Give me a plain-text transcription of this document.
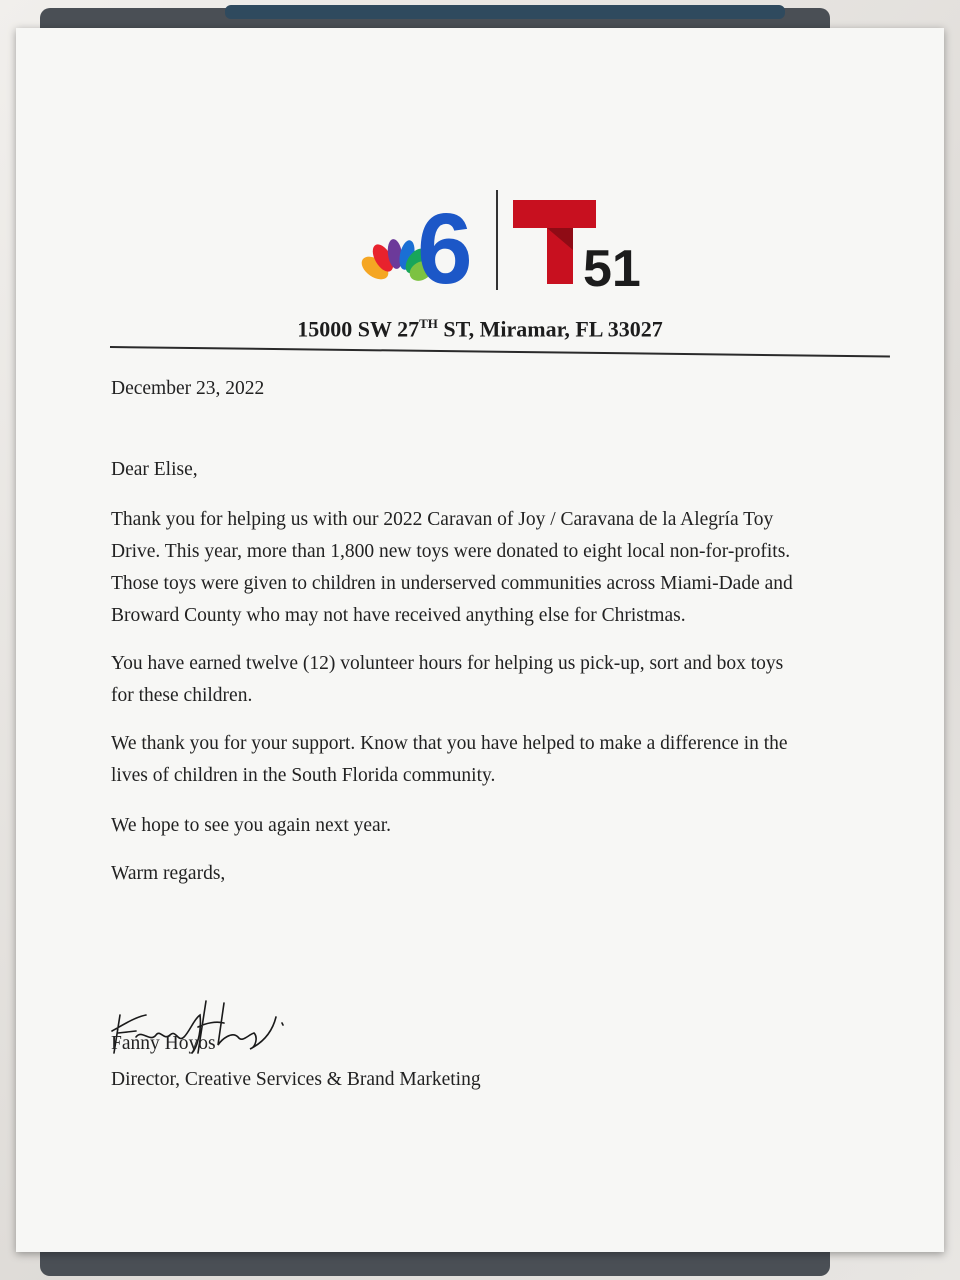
6 51
15000 SW 27TH ST, Miramar, FL 33027
December 23, 2022
Dear Elise,
Thank you for helping us with our 2022 Caravan of Joy / Caravana de la Alegría Toy
Drive. This year, more than 1,800 new toys were donated to eight local non-for-profits.
Those toys were given to children in underserved communities across Miami-Dade and
Broward County who may not have received anything else for Christmas.
You have earned twelve (12) volunteer hours for helping us pick-up, sort and box toys
for these children.
We thank you for your support. Know that you have helped to make a difference in the
lives of children in the South Florida community.
We hope to see you again next year.
Warm regards,
Fanny Hoyos
Director, Creative Services & Brand Marketing
